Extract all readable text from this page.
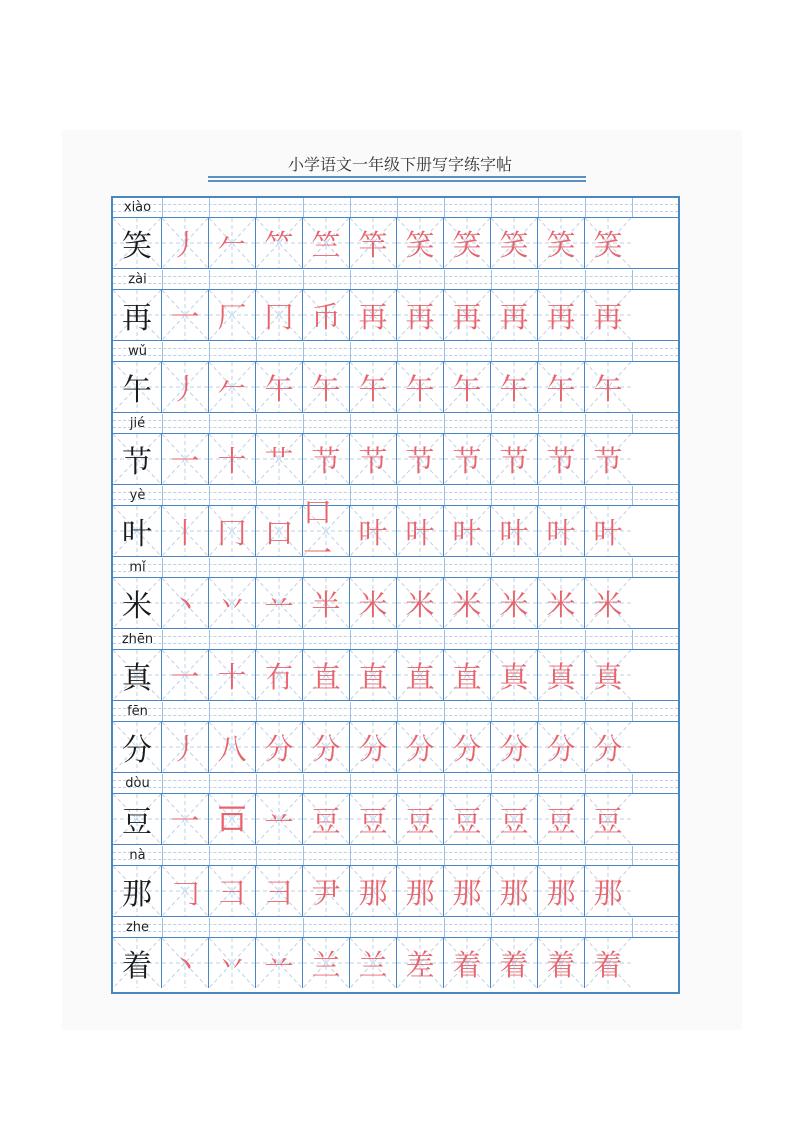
小学语文一年级下册写字练字帖
xiào
笑 丿 𠂉 𥫗 竺 竿 笑 笑 笑 笑 笑
zài
再 一 厂 冂 币 再 再 再 再 再 再
wǔ
午 丿 𠂉 午 午 午 午 午 午 午 午
jié
节 一 十 艹 节 节 节 节 节 节 节
yè
叶 丨 冂 口
口一
叶 叶 叶 叶 叶 叶
mǐ
米 丶 丷 䒑 半 米 米 米 米 米 米
zhēn
真 一 十 冇 直 直 直 直 真 真 真
fēn
分 丿 八 分 分 分 分 分 分 分 分
dòu
豆 一 𠮛 䒑 豆 豆 豆 豆 豆 豆 豆
nà
那 𠃌 彐 彐 尹 那 那 那 那 那 那
zhe
着 丶 丷 䒑 兰 兰 差 着 着 着 着
